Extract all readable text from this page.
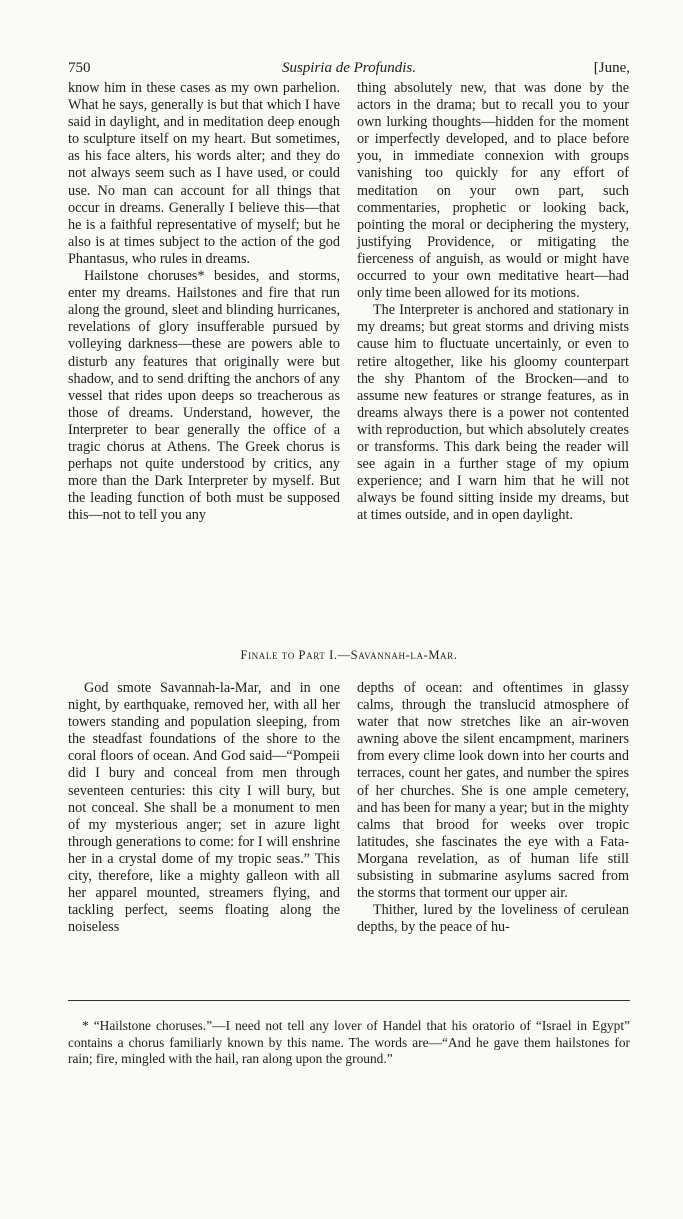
750	Suspiria de Profundis.	[June,

know him in these cases as my own parhelion. What he says, generally is but that which I have said in daylight, and in meditation deep enough to sculpture itself on my heart. But sometimes, as his face alters, his words alter; and they do not always seem such as I have used, or could use. No man can account for all things that occur in dreams. Generally I believe this—that he is a faithful representative of myself; but he also is at times subject to the action of the god Phantasus, who rules in dreams.

Hailstone choruses* besides, and storms, enter my dreams. Hailstones and fire that run along the ground, sleet and blinding hurricanes, revelations of glory insufferable pursued by volleying darkness—these are powers able to disturb any features that originally were but shadow, and to send drifting the anchors of any vessel that rides upon deeps so treacherous as those of dreams. Understand, however, the Interpreter to bear generally the office of a tragic chorus at Athens. The Greek chorus is perhaps not quite understood by critics, any more than the Dark Interpreter by myself. But the leading function of both must be supposed this—not to tell you any

thing absolutely new, that was done by the actors in the drama; but to recall you to your own lurking thoughts—hidden for the moment or imperfectly developed, and to place before you, in immediate connexion with groups vanishing too quickly for any effort of meditation on your own part, such commentaries, prophetic or looking back, pointing the moral or deciphering the mystery, justifying Providence, or mitigating the fierceness of anguish, as would or might have occurred to your own meditative heart—had only time been allowed for its motions.

The Interpreter is anchored and stationary in my dreams; but great storms and driving mists cause him to fluctuate uncertainly, or even to retire altogether, like his gloomy counterpart the shy Phantom of the Brocken—and to assume new features or strange features, as in dreams always there is a power not contented with reproduction, but which absolutely creates or transforms. This dark being the reader will see again in a further stage of my opium experience; and I warn him that he will not always be found sitting inside my dreams, but at times outside, and in open daylight.

Finale to Part I.—Savannah-la-Mar.

God smote Savannah-la-Mar, and in one night, by earthquake, removed her, with all her towers standing and population sleeping, from the steadfast foundations of the shore to the coral floors of ocean. And God said—“Pompeii did I bury and conceal from men through seventeen centuries: this city I will bury, but not conceal. She shall be a monument to men of my mysterious anger; set in azure light through generations to come: for I will enshrine her in a crystal dome of my tropic seas.” This city, therefore, like a mighty galleon with all her apparel mounted, streamers flying, and tackling perfect, seems floating along the noiseless

depths of ocean: and oftentimes in glassy calms, through the translucid atmosphere of water that now stretches like an air-woven awning above the silent encampment, mariners from every clime look down into her courts and terraces, count her gates, and number the spires of her churches. She is one ample cemetery, and has been for many a year; but in the mighty calms that brood for weeks over tropic latitudes, she fascinates the eye with a Fata-Morgana revelation, as of human life still subsisting in submarine asylums sacred from the storms that torment our upper air.

Thither, lured by the loveliness of cerulean depths, by the peace of hu-

* “Hailstone choruses.”—I need not tell any lover of Handel that his oratorio of “Israel in Egypt” contains a chorus familiarly known by this name. The words are—“And he gave them hailstones for rain; fire, mingled with the hail, ran along upon the ground.”
